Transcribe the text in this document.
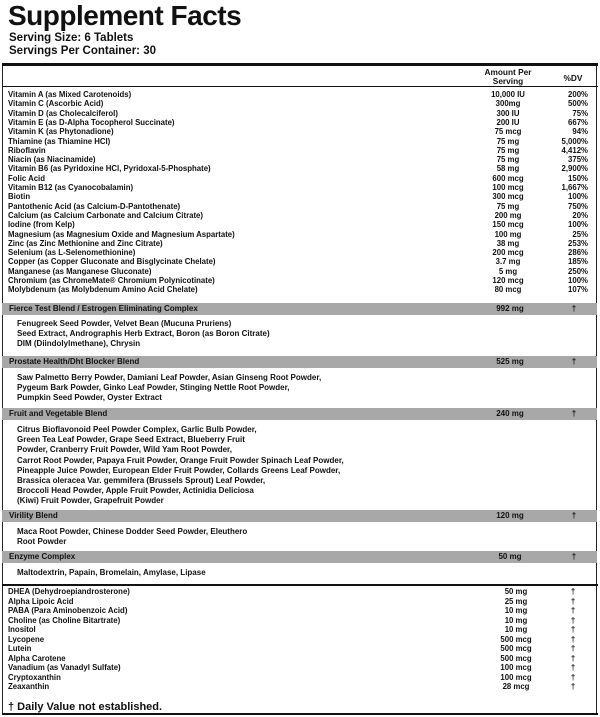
Supplement Facts
Serving Size: 6 Tablets
Servings Per Container: 30
Amount Per Serving	%DV
Vitamin A (as Mixed Carotenoids)	10,000 IU	200%
Vitamin C (Ascorbic Acid)	300mg	500%
Vitamin D (as Cholecalciferol)	300 IU	75%
Vitamin E (as D-Alpha Tocopherol Succinate)	200 IU	667%
Vitamin K (as Phytonadione)	75 mcg	94%
Thiamine (as Thiamine HCl)	75 mg	5,000%
Riboflavin	75 mg	4,412%
Niacin (as Niacinamide)	75 mg	375%
Vitamin B6 (as Pyridoxine HCl, Pyridoxal-5-Phosphate)	58 mg	2,900%
Folic Acid	600 mcg	150%
Vitamin B12 (as Cyanocobalamin)	100 mcg	1,667%
Biotin	300 mcg	100%
Pantothenic Acid (as Calcium-D-Pantothenate)	75 mg	750%
Calcium (as Calcium Carbonate and Calcium Citrate)	200 mg	20%
Iodine (from Kelp)	150 mcg	100%
Magnesium (as Magnesium Oxide and Magnesium Aspartate)	100 mg	25%
Zinc (as Zinc Methionine and Zinc Citrate)	38 mg	253%
Selenium (as L-Selenomethionine)	200 mcg	286%
Copper (as Copper Gluconate and Bisglycinate Chelate)	3.7 mg	185%
Manganese (as Manganese Gluconate)	5 mg	250%
Chromium (as ChromeMate® Chromium Polynicotinate)	120 mcg	100%
Molybdenum (as Molybdenum Amino Acid Chelate)	80 mcg	107%
Fierce Test Blend / Estrogen Eliminating Complex	992 mg	†
Fenugreek Seed Powder, Velvet Bean (Mucuna Pruriens)
Seed Extract, Andrographis Herb Extract, Boron (as Boron Citrate)
DIM (Diindolylmethane), Chrysin
Prostate Health/Dht Blocker Blend	525 mg	†
Saw Palmetto Berry Powder, Damiani Leaf Powder, Asian Ginseng Root Powder,
Pygeum Bark Powder, Ginko Leaf Powder, Stinging Nettle Root Powder,
Pumpkin Seed Powder, Oyster Extract
Fruit and Vegetable Blend	240 mg	†
Citrus Bioflavonoid Peel Powder Complex, Garlic Bulb Powder,
Green Tea Leaf Powder, Grape Seed Extract, Blueberry Fruit
Powder, Cranberry Fruit Powder, Wild Yam Root Powder,
Carrot Root Powder, Papaya Fruit Powder, Orange Fruit Powder Spinach Leaf Powder,
Pineapple Juice Powder, European Elder Fruit Powder, Collards Greens Leaf Powder,
Brassica oleracea Var. gemmifera (Brussels Sprout) Leaf Powder,
Broccoli Head Powder, Apple Fruit Powder, Actinidia Deliciosa
(Kiwi) Fruit Powder, Grapefruit Powder
Virility Blend	120 mg	†
Maca Root Powder, Chinese Dodder Seed Powder, Eleuthero
Root Powder
Enzyme Complex	50 mg	†
Maltodextrin, Papain, Bromelain, Amylase, Lipase
DHEA (Dehydroepiandrosterone)	50 mg	†
Alpha Lipoic Acid	25 mg	†
PABA (Para Aminobenzoic Acid)	10 mg	†
Choline (as Choline Bitartrate)	10 mg	†
Inositol	10 mg	†
Lycopene	500 mcg	†
Lutein	500 mcg	†
Alpha Carotene	500 mcg	†
Vanadium (as Vanadyl Sulfate)	100 mcg	†
Cryptoxanthin	100 mcg	†
Zeaxanthin	28 mcg	†
† Daily Value not established.
